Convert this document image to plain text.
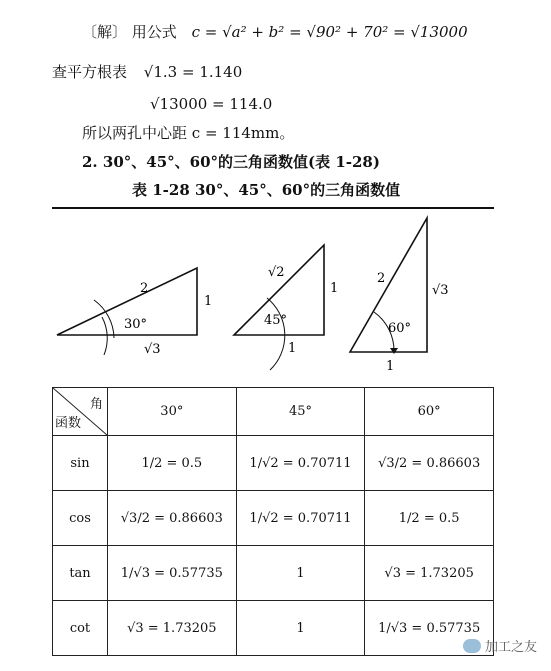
〔解〕 用公式 c = √a² + b² = √90² + 70² = √13000
查平方根表 √1.3 = 1.140
√13000 = 114.0
所以两孔中心距 c = 114mm。
2. 30°、45°、60°的三角函数值(表 1-28)
表 1-28 30°、45°、60°的三角函数值
2
1
√3
30°
√2
1
1
45°
2
√3
1
60°
角
函数	30°	45°	60°
sin	1/2 = 0.5	1/√2 = 0.70711	√3/2 = 0.86603
cos	√3/2 = 0.86603	1/√2 = 0.70711	1/2 = 0.5
tan	1/√3 = 0.57735	1	√3 = 1.73205
cot	√3 = 1.73205	1	1/√3 = 0.57735
加工之友
